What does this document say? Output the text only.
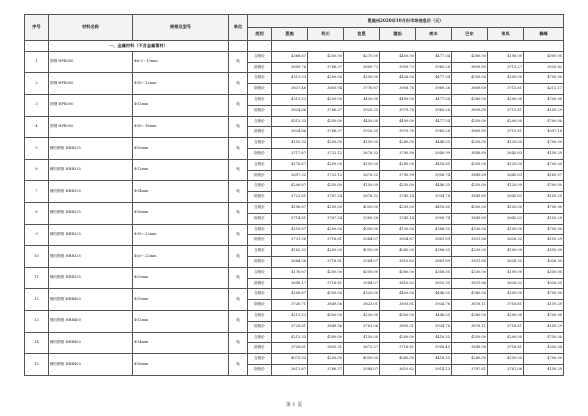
序号	材料名称	规格及型号	单位	恩施州2020年10月份市场信息价（元）								
				类别	恩施	利川	宣恩	建始	咸丰	巴东	来凤	鹤峰
	一、金属材料（不含金属管材）											
1	圆钢 HPB300	Φ6.5～10mm	吨	含税价	4366.67	4250.00	4270.00	4400.00	4477.54	4380.00	4196.00	4000.00
				除税价	3899.76	3766.37	3809.73	3909.73	3969.28	3899.69	3713.27	3539.82
2	圆钢 HPB300	Φ18～12mm	吨	含税价	4313.33	4200.00	4250.00	4436.00	4477.54	4350.00	4200.00	4700.00
				除税价	3837.46	3683.94	3776.87	3908.76	3969.28	3869.69	3715.81	4211.17
3	圆钢 HPB300	Φ12mm	吨	含税价	4313.33	4250.00	4450.00	4490.00	4477.54	4380.00	4200.00	4700.00
				除税价	3824.86	3766.37	3920.35	3979.76	3969.28	3899.69	3715.81	4159.29
4	圆钢 HPB300	Φ16～18mm	吨	含税价	4313.33	4250.00	4450.00	4490.00	4477.54	4350.00	4200.00	4700.00
				除税价	3824.86	3766.37	3920.35	3979.76	3969.28	3869.69	3715.81	4097.18
5	螺纹钢筋 HRB335	Φ10mm	吨	含税价	4193.33	4200.00	4150.00	4280.00	4446.55	4350.00	4120.00	4700.00
				除税价	3717.67	3722.12	3678.32	3790.99	3940.99	3849.69	3645.83	4159.29
6	螺纹钢筋 HRB335	Φ12mm	吨	含税价	4176.67	4200.00	4150.00	4280.00	4416.65	4350.00	4120.00	4700.00
				除税价	3697.32	3722.12	3678.32	3790.99	3908.74	3849.69	3645.83	4169.57
7	螺纹钢筋 HRB335	Φ14mm	吨	含税价	4206.67	4250.00	4150.00	4230.00	4446.55	4350.00	4120.00	4700.00
				除税价	3723.61	3767.54	3678.32	3745.14	3934.78	3849.69	3645.83	4159.29
8	螺纹钢筋 HRB335	Φ16mm	吨	含税价	4196.67	4250.00	4050.00	4230.00	4416.65	4350.00	4120.00	4700.00
				除税价	3714.91	3767.54	3589.38	3745.14	3908.74	3849.69	3645.83	4159.29
9	螺纹钢筋 HRB335	Φ18～22mm	吨	含税价	4216.67	4200.00	4050.00	4130.00	4386.55	4330.00	4100.00	4700.00
				除税价	3731.56	3716.81	3584.07	3654.87	3881.89	3831.86	3628.32	4159.29
10	螺纹钢筋 HRB335	Φ20～22mm	吨	含税价	4163.33	4200.00	4050.00	4080.00	4386.55	4330.00	4100.00	4550.00
				除税价	3684.36	3716.81	3584.07	3610.62	3881.89	3831.86	3628.32	4026.55
11	螺纹钢筋 HRB335	Φ25mm	吨	含税价	4176.67	4200.00	4050.00	4080.00	4356.55	4330.00	4100.00	4550.00
				除税价	3696.17	3716.81	3584.07	3610.62	3855.35	3831.86	3628.32	4026.55
12	螺纹钢筋 HRB400	Φ10mm	吨	含税价	4206.67	4350.00	4320.00	4400.00	4446.55	4380.00	4200.00	4700.00
				除税价	3726.71	3849.56	3823.01	3893.81	3934.78	3876.11	3716.81	4159.29
13	螺纹钢筋 HRB400	Φ12mm	吨	含税价	4213.33	4350.00	4250.00	4300.00	4446.55	4380.00	4200.00	4700.00
				除税价	3728.61	3849.56	3761.06	3805.31	3934.78	3876.11	3716.81	4159.29
14	螺纹钢筋 HRB400	Φ14mm	吨	含税价	4213.33	4300.00	4150.00	4200.00	4416.55	4350.00	4200.00	4750.00
				除税价	3728.61	3805.31	3672.57	3716.81	3908.45	3849.56	3716.81	4203.54
15	螺纹钢筋 HRB400	Φ16mm	吨	含税价	4073.33	4250.00	4050.00	4080.00	4416.55	4280.00	4250.00	4700.00
				除税价	3611.67	3766.37	3584.07	3610.62	3914.13	3787.61	3761.06	4159.29
第 1 页
